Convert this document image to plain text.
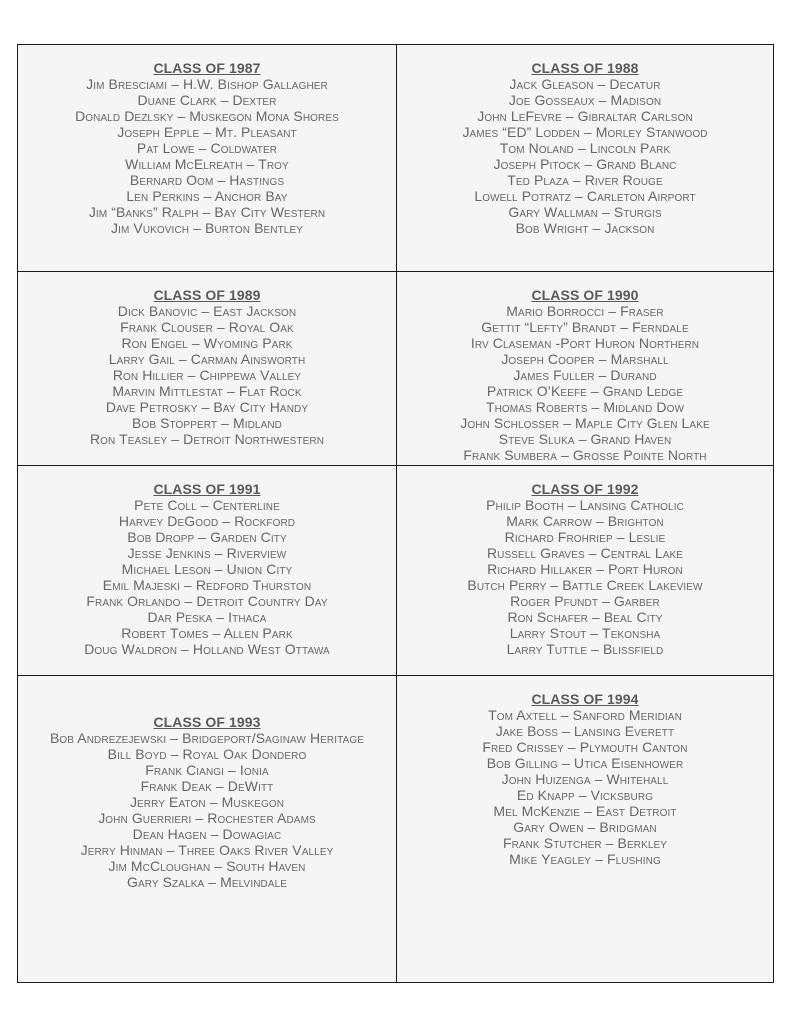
CLASS OF 1987
Jim Bresciami – H.W. Bishop Gallagher
Duane Clark – Dexter
Donald Dezlsky – Muskegon Mona Shores
Joseph Epple – Mt. Pleasant
Pat Lowe – Coldwater
William McElreath – Troy
Bernard Oom – Hastings
Len Perkins – Anchor Bay
Jim “Banks” Ralph – Bay City Western
Jim Vukovich – Burton Bentley
CLASS OF 1988
Jack Gleason – Decatur
Joe Gosseaux – Madison
John LeFevre – Gibraltar Carlson
James “ED” Lodden – Morley Stanwood
Tom Noland – Lincoln Park
Joseph Pitock – Grand Blanc
Ted Plaza – River Rouge
Lowell Potratz – Carleton Airport
Gary Wallman – Sturgis
Bob Wright – Jackson
CLASS OF 1989
Dick Banovic – East Jackson
Frank Clouser – Royal Oak
Ron Engel – Wyoming Park
Larry Gail – Carman Ainsworth
Ron Hillier – Chippewa Valley
Marvin Mittlestat – Flat Rock
Dave Petrosky – Bay City Handy
Bob Stoppert – Midland
Ron Teasley – Detroit Northwestern
CLASS OF 1990
Mario Borrocci – Fraser
Gettit “Lefty” Brandt – Ferndale
Irv Claseman -Port Huron Northern
Joseph Cooper – Marshall
James Fuller – Durand
Patrick O’Keefe – Grand Ledge
Thomas Roberts – Midland Dow
John Schlosser – Maple City Glen Lake
Steve Sluka – Grand Haven
Frank Sumbera – Grosse Pointe North
CLASS OF 1991
Pete Coll – Centerline
Harvey DeGood – Rockford
Bob Dropp – Garden City
Jesse Jenkins – Riverview
Michael Leson – Union City
Emil Majeski – Redford Thurston
Frank Orlando – Detroit Country Day
Dar Peska – Ithaca
Robert Tomes – Allen Park
Doug Waldron – Holland West Ottawa
CLASS OF 1992
Philip Booth – Lansing Catholic
Mark Carrow – Brighton
Richard Frohriep – Leslie
Russell Graves – Central Lake
Richard Hillaker – Port Huron
Butch Perry – Battle Creek Lakeview
Roger Pfundt – Garber
Ron Schafer – Beal City
Larry Stout – Tekonsha
Larry Tuttle – Blissfield
CLASS OF 1993
Bob Andrezejewski – Bridgeport/Saginaw Heritage
Bill Boyd – Royal Oak Dondero
Frank Ciangi – Ionia
Frank Deak – DeWitt
Jerry Eaton – Muskegon
John Guerrieri – Rochester Adams
Dean Hagen – Dowagiac
Jerry Hinman – Three Oaks River Valley
Jim McCloughan – South Haven
Gary Szalka – Melvindale
CLASS OF 1994
Tom Axtell – Sanford Meridian
Jake Boss – Lansing Everett
Fred Crissey – Plymouth Canton
Bob Gilling – Utica Eisenhower
John Huizenga – Whitehall
Ed Knapp – Vicksburg
Mel McKenzie – East Detroit
Gary Owen – Bridgman
Frank Stutcher – Berkley
Mike Yeagley – Flushing
